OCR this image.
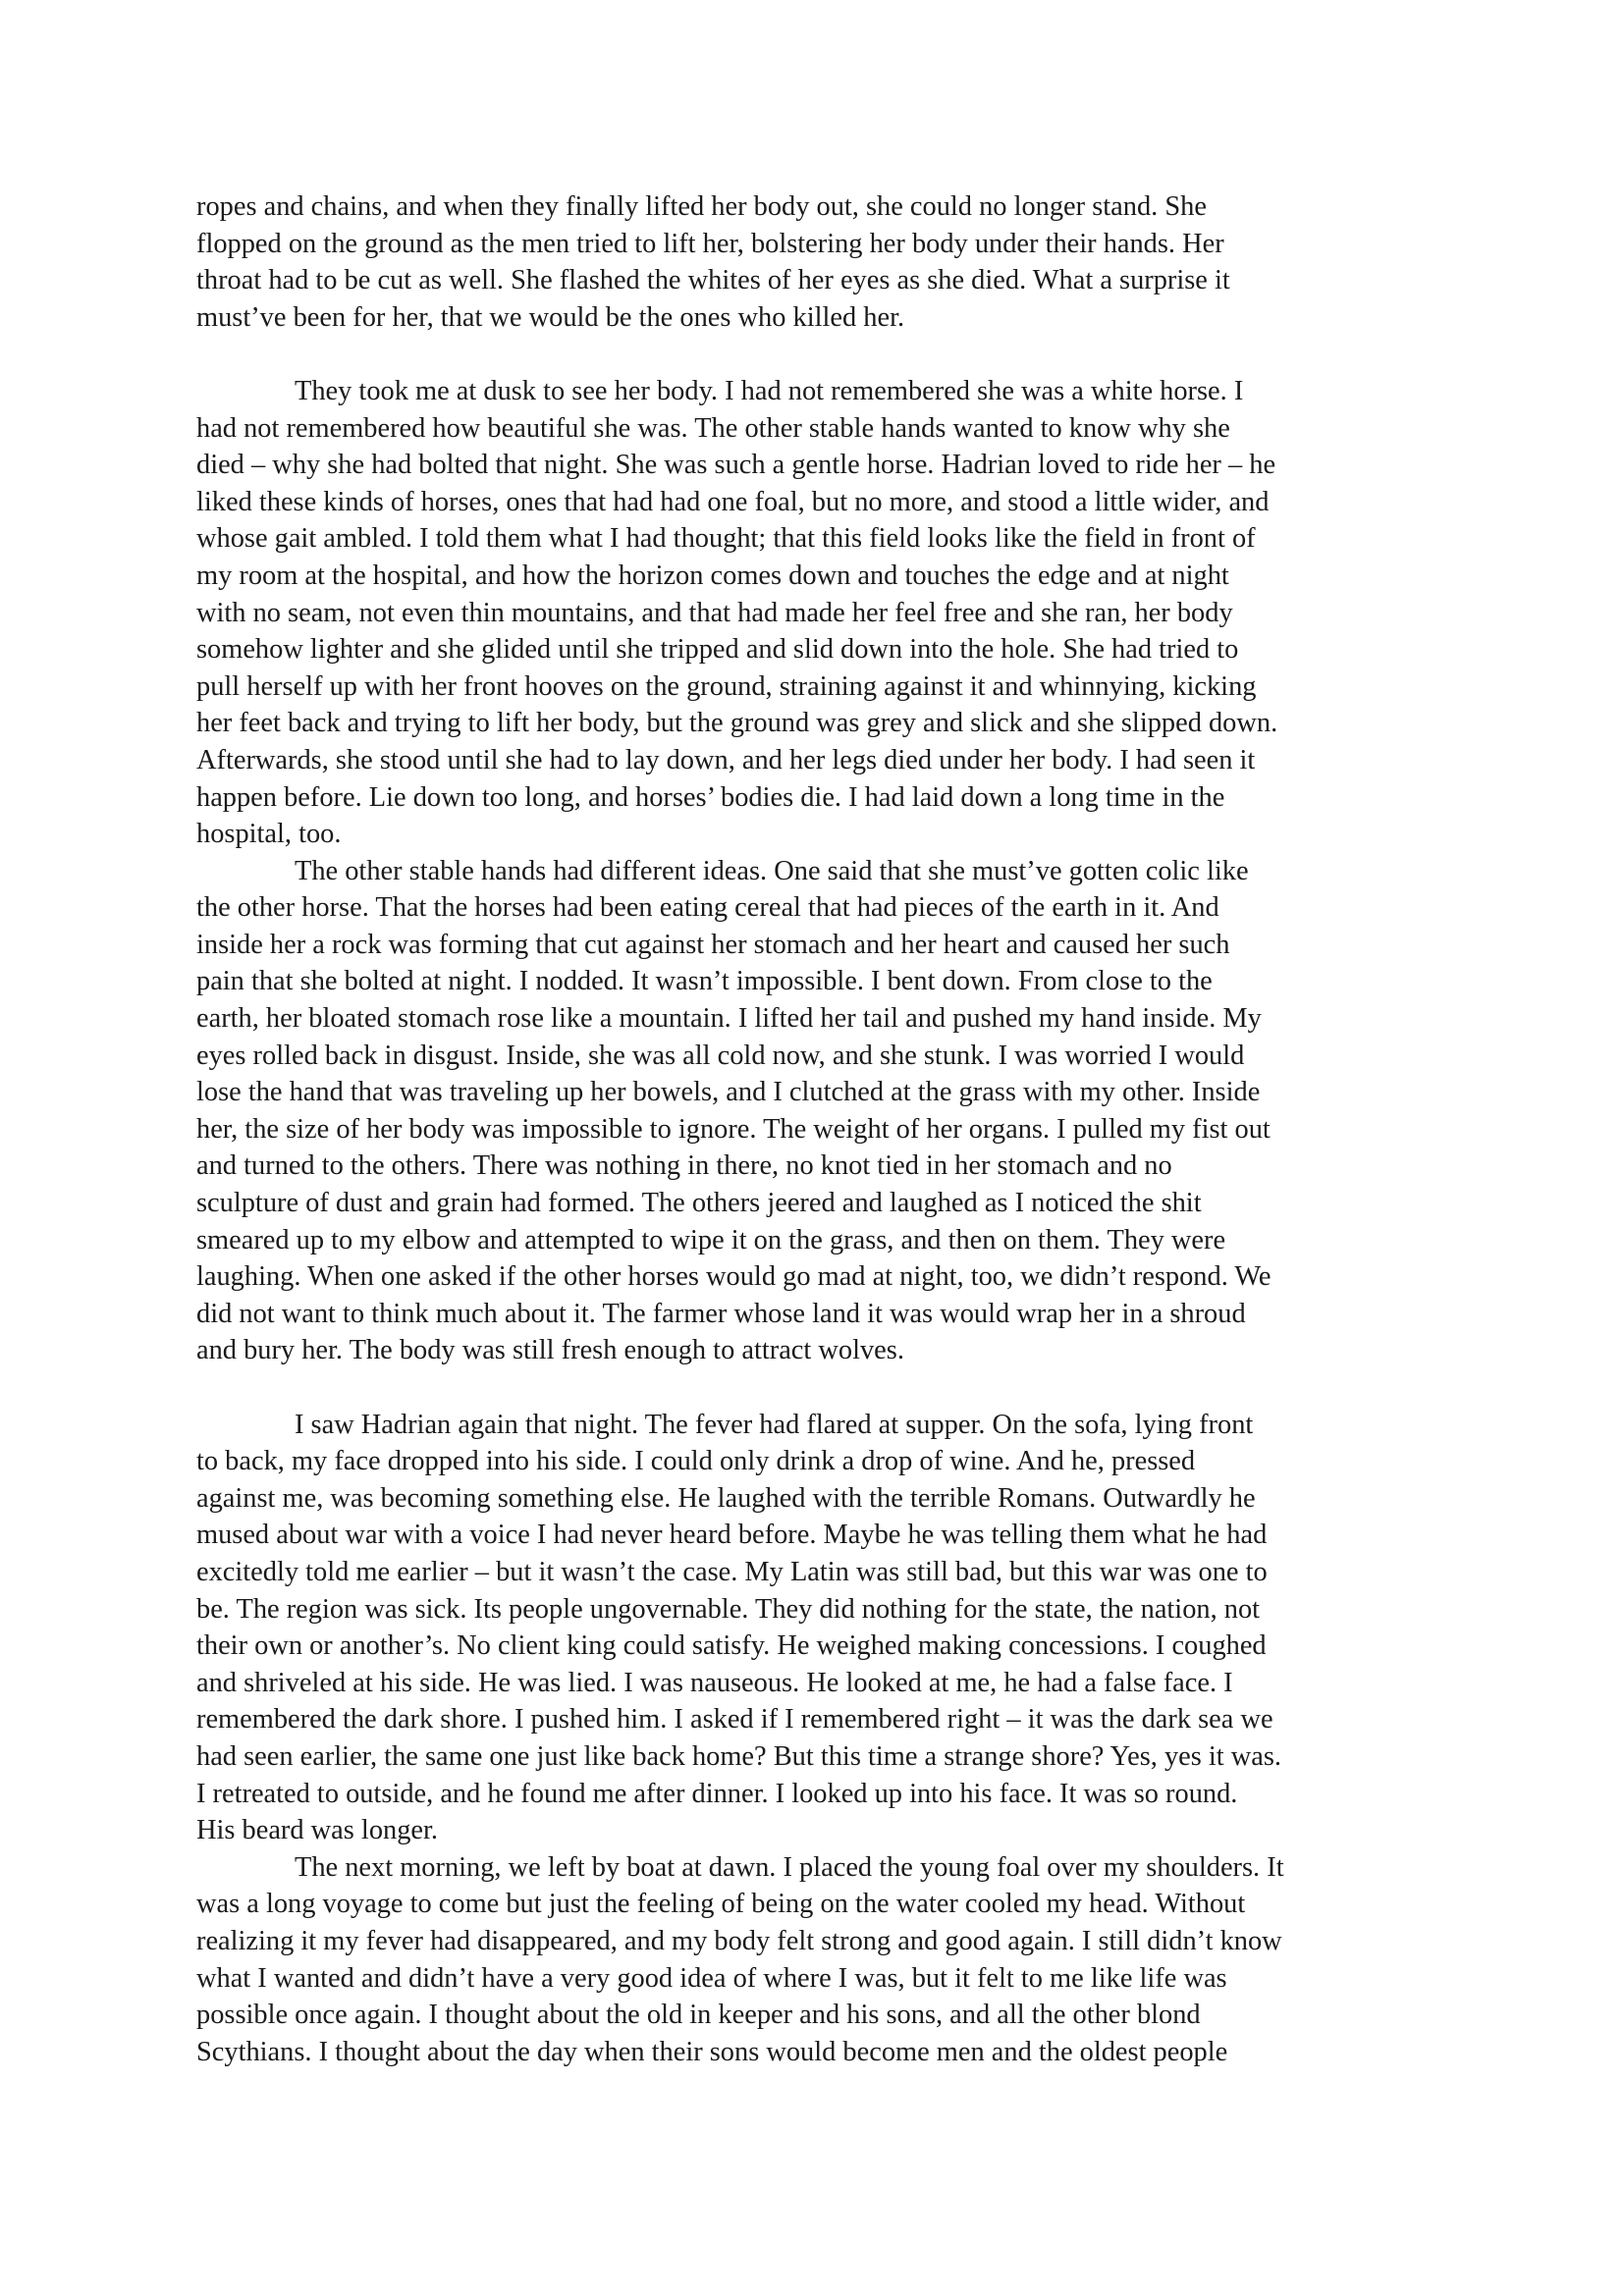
ropes and chains, and when they finally lifted her body out, she could no longer stand. She
flopped on the ground as the men tried to lift her, bolstering her body under their hands. Her
throat had to be cut as well. She flashed the whites of her eyes as she died. What a surprise it
must’ve been for her, that we would be the ones who killed her.
They took me at dusk to see her body. I had not remembered she was a white horse. I
had not remembered how beautiful she was. The other stable hands wanted to know why she
died – why she had bolted that night. She was such a gentle horse. Hadrian loved to ride her – he
liked these kinds of horses, ones that had had one foal, but no more, and stood a little wider, and
whose gait ambled. I told them what I had thought; that this field looks like the field in front of
my room at the hospital, and how the horizon comes down and touches the edge and at night
with no seam, not even thin mountains, and that had made her feel free and she ran, her body
somehow lighter and she glided until she tripped and slid down into the hole. She had tried to
pull herself up with her front hooves on the ground, straining against it and whinnying, kicking
her feet back and trying to lift her body, but the ground was grey and slick and she slipped down.
Afterwards, she stood until she had to lay down, and her legs died under her body. I had seen it
happen before. Lie down too long, and horses’ bodies die. I had laid down a long time in the
hospital, too.
The other stable hands had different ideas. One said that she must’ve gotten colic like
the other horse. That the horses had been eating cereal that had pieces of the earth in it. And
inside her a rock was forming that cut against her stomach and her heart and caused her such
pain that she bolted at night. I nodded. It wasn’t impossible. I bent down. From close to the
earth, her bloated stomach rose like a mountain. I lifted her tail and pushed my hand inside. My
eyes rolled back in disgust. Inside, she was all cold now, and she stunk. I was worried I would
lose the hand that was traveling up her bowels, and I clutched at the grass with my other. Inside
her, the size of her body was impossible to ignore. The weight of her organs. I pulled my fist out
and turned to the others. There was nothing in there, no knot tied in her stomach and no
sculpture of dust and grain had formed. The others jeered and laughed as I noticed the shit
smeared up to my elbow and attempted to wipe it on the grass, and then on them. They were
laughing. When one asked if the other horses would go mad at night, too, we didn’t respond. We
did not want to think much about it. The farmer whose land it was would wrap her in a shroud
and bury her. The body was still fresh enough to attract wolves.
I saw Hadrian again that night. The fever had flared at supper. On the sofa, lying front
to back, my face dropped into his side. I could only drink a drop of wine. And he, pressed
against me, was becoming something else. He laughed with the terrible Romans. Outwardly he
mused about war with a voice I had never heard before. Maybe he was telling them what he had
excitedly told me earlier – but it wasn’t the case. My Latin was still bad, but this war was one to
be. The region was sick. Its people ungovernable. They did nothing for the state, the nation, not
their own or another’s. No client king could satisfy. He weighed making concessions. I coughed
and shriveled at his side. He was lied. I was nauseous. He looked at me, he had a false face. I
remembered the dark shore. I pushed him. I asked if I remembered right – it was the dark sea we
had seen earlier, the same one just like back home? But this time a strange shore? Yes, yes it was.
I retreated to outside, and he found me after dinner. I looked up into his face. It was so round.
His beard was longer.
The next morning, we left by boat at dawn. I placed the young foal over my shoulders. It
was a long voyage to come but just the feeling of being on the water cooled my head. Without
realizing it my fever had disappeared, and my body felt strong and good again. I still didn’t know
what I wanted and didn’t have a very good idea of where I was, but it felt to me like life was
possible once again. I thought about the old in keeper and his sons, and all the other blond
Scythians. I thought about the day when their sons would become men and the oldest people
